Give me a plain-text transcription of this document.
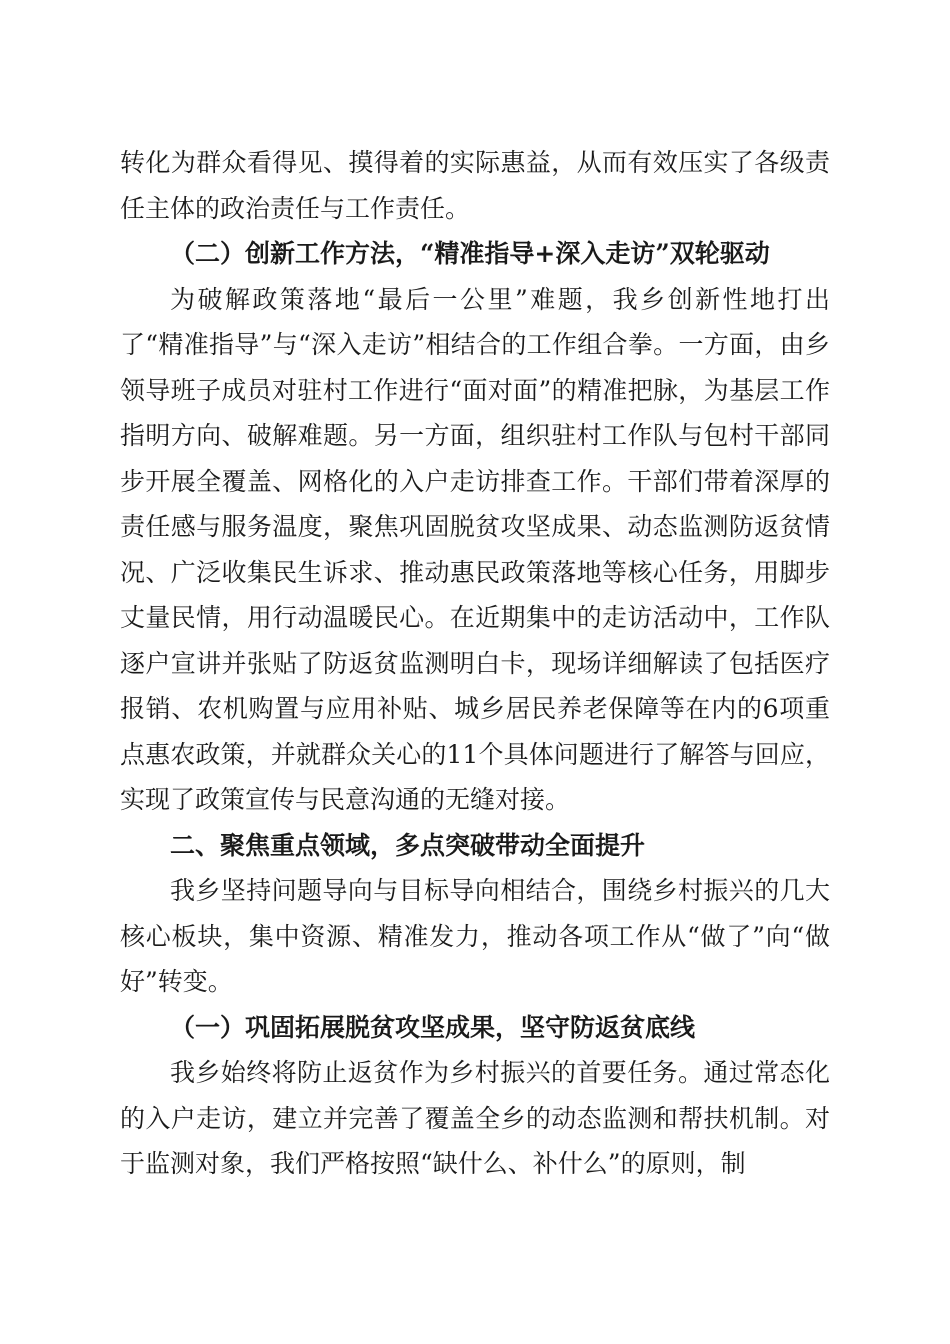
转化为群众看得见、摸得着的实际惠益，从而有效压实了各级责任主体的政治责任与工作责任。

（二）创新工作方法，“精准指导+深入走访”双轮驱动

为破解政策落地“最后一公里”难题，我乡创新性地打出了“精准指导”与“深入走访”相结合的工作组合拳。一方面，由乡领导班子成员对驻村工作进行“面对面”的精准把脉，为基层工作指明方向、破解难题。另一方面，组织驻村工作队与包村干部同步开展全覆盖、网格化的入户走访排查工作。干部们带着深厚的责任感与服务温度，聚焦巩固脱贫攻坚成果、动态监测防返贫情况、广泛收集民生诉求、推动惠民政策落地等核心任务，用脚步丈量民情，用行动温暖民心。在近期集中的走访活动中，工作队逐户宣讲并张贴了防返贫监测明白卡，现场详细解读了包括医疗报销、农机购置与应用补贴、城乡居民养老保障等在内的6项重点惠农政策，并就群众关心的11个具体问题进行了解答与回应，实现了政策宣传与民意沟通的无缝对接。

二、聚焦重点领域，多点突破带动全面提升

我乡坚持问题导向与目标导向相结合，围绕乡村振兴的几大核心板块，集中资源、精准发力，推动各项工作从“做了”向“做好”转变。

（一）巩固拓展脱贫攻坚成果，坚守防返贫底线

我乡始终将防止返贫作为乡村振兴的首要任务。通过常态化的入户走访，建立并完善了覆盖全乡的动态监测和帮扶机制。对于监测对象，我们严格按照“缺什么、补什么”的原则，制
